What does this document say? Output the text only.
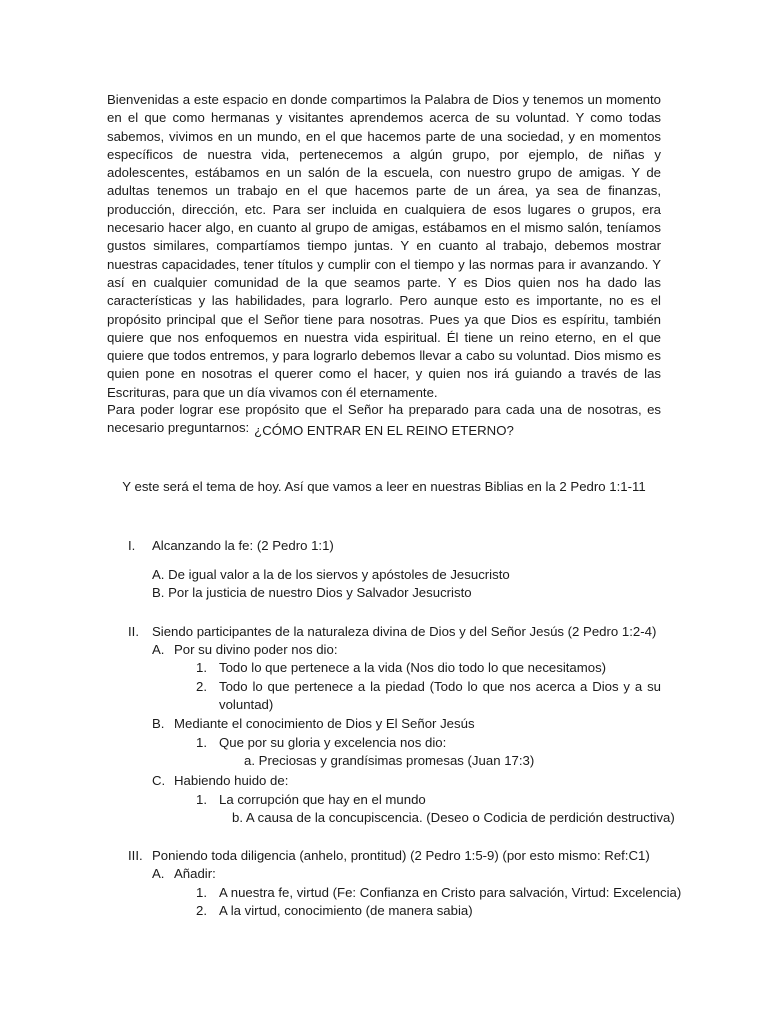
Bienvenidas a este espacio en donde compartimos la Palabra de Dios y tenemos un momento en el que como hermanas y visitantes aprendemos acerca de su voluntad. Y como todas sabemos, vivimos en un mundo, en el que hacemos parte de una sociedad, y en momentos específicos de nuestra vida, pertenecemos a algún grupo, por ejemplo, de niñas y adolescentes, estábamos en un salón de la escuela, con nuestro grupo de amigas. Y de adultas tenemos un trabajo en el que hacemos parte de un área, ya sea de finanzas, producción, dirección, etc. Para ser incluida en cualquiera de esos lugares o grupos, era necesario hacer algo, en cuanto al grupo de amigas, estábamos en el mismo salón, teníamos gustos similares, compartíamos tiempo juntas. Y en cuanto al trabajo, debemos mostrar nuestras capacidades, tener títulos y cumplir con el tiempo y las normas para ir avanzando. Y así en cualquier comunidad de la que seamos parte. Y es Dios quien nos ha dado las características y las habilidades, para lograrlo. Pero aunque esto es importante, no es el propósito principal que el Señor tiene para nosotras. Pues ya que Dios es espíritu, también quiere que nos enfoquemos en nuestra vida espiritual. Él tiene un reino eterno, en el que quiere que todos entremos, y para lograrlo debemos llevar a cabo su voluntad. Dios mismo es quien pone en nosotras el querer como el hacer, y quien nos irá guiando a través de las Escrituras, para que un día vivamos con él eternamente.

Para poder lograr ese propósito que el Señor ha preparado para cada una de nosotras, es necesario preguntarnos: ¿CÓMO ENTRAR EN EL REINO ETERNO?

Y este será el tema de hoy. Así que vamos a leer en nuestras Biblias en la 2 Pedro 1:1-11

I. Alcanzando la fe: (2 Pedro 1:1)
A. De igual valor a la de los siervos y apóstoles de Jesucristo
B. Por la justicia de nuestro Dios y Salvador Jesucristo
II. Siendo participantes de la naturaleza divina de Dios y del Señor Jesús (2 Pedro 1:2-4)
A. Por su divino poder nos dio:
1. Todo lo que pertenece a la vida (Nos dio todo lo que necesitamos)
2. Todo lo que pertenece a la piedad (Todo lo que nos acerca a Dios y a su voluntad)

B. Mediante el conocimiento de Dios y El Señor Jesús
1. Que por su gloria y excelencia nos dio:
a. Preciosas y grandísimas promesas (Juan 17:3)
C. Habiendo huido de:
1. La corrupción que hay en el mundo
b. A causa de la concupiscencia. (Deseo o Codicia de perdición destructiva)
III. Poniendo toda diligencia (anhelo, prontitud) (2 Pedro 1:5-9) (por esto mismo: Ref:C1)
A. Añadir:
1. A nuestra fe, virtud (Fe: Confianza en Cristo para salvación, Virtud: Excelencia)
2. A la virtud, conocimiento (de manera sabia)
